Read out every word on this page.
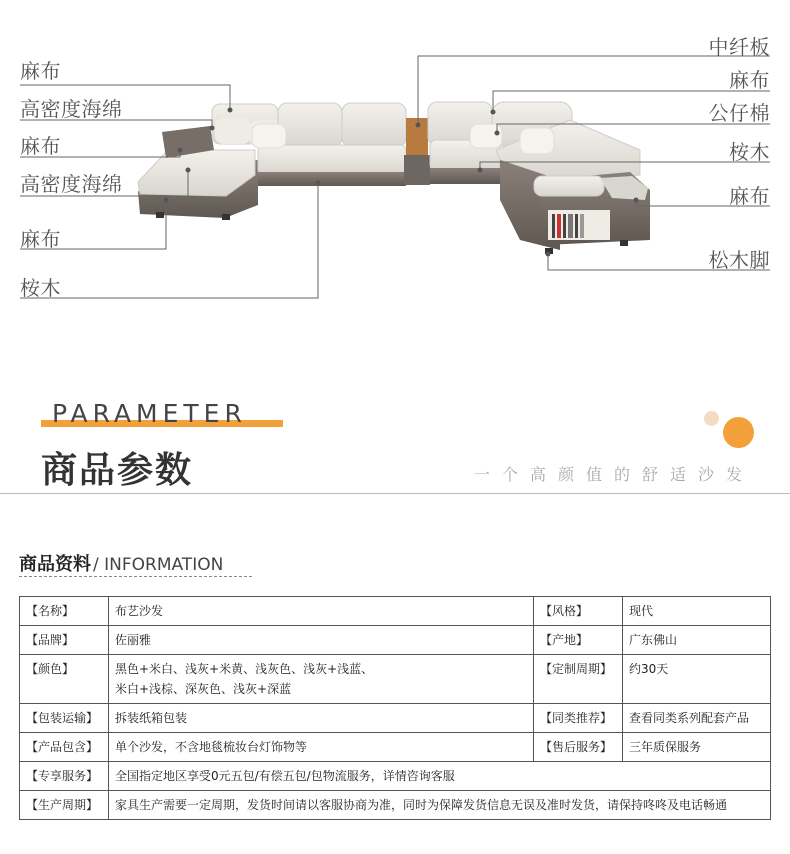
麻布
高密度海绵
麻布
高密度海绵
麻布
桉木
中纤板
麻布
公仔棉
桉木
麻布
松木脚
PARAMETER
商品参数	一个高颜值的舒适沙发
商品资料 / INFORMATION
【名称】	布艺沙发	【风格】	现代
【品牌】	佐丽雅	【产地】	广东佛山
【颜色】	黑色+米白、浅灰+米黄、浅灰色、浅灰+浅蓝、
米白+浅棕、深灰色、浅灰+深蓝	【定制周期】	约30天
【包装运输】	拆装纸箱包装	【同类推荐】	查看同类系列配套产品
【产品包含】	单个沙发，不含地毯梳妆台灯饰物等	【售后服务】	三年质保服务
【专享服务】	全国指定地区享受0元五包/有偿五包/包物流服务，详情咨询客服		
【生产周期】	家具生产需要一定周期，发货时间请以客服协商为准，同时为保障发货信息无误及准时发货，请保持咚咚及电话畅通		
